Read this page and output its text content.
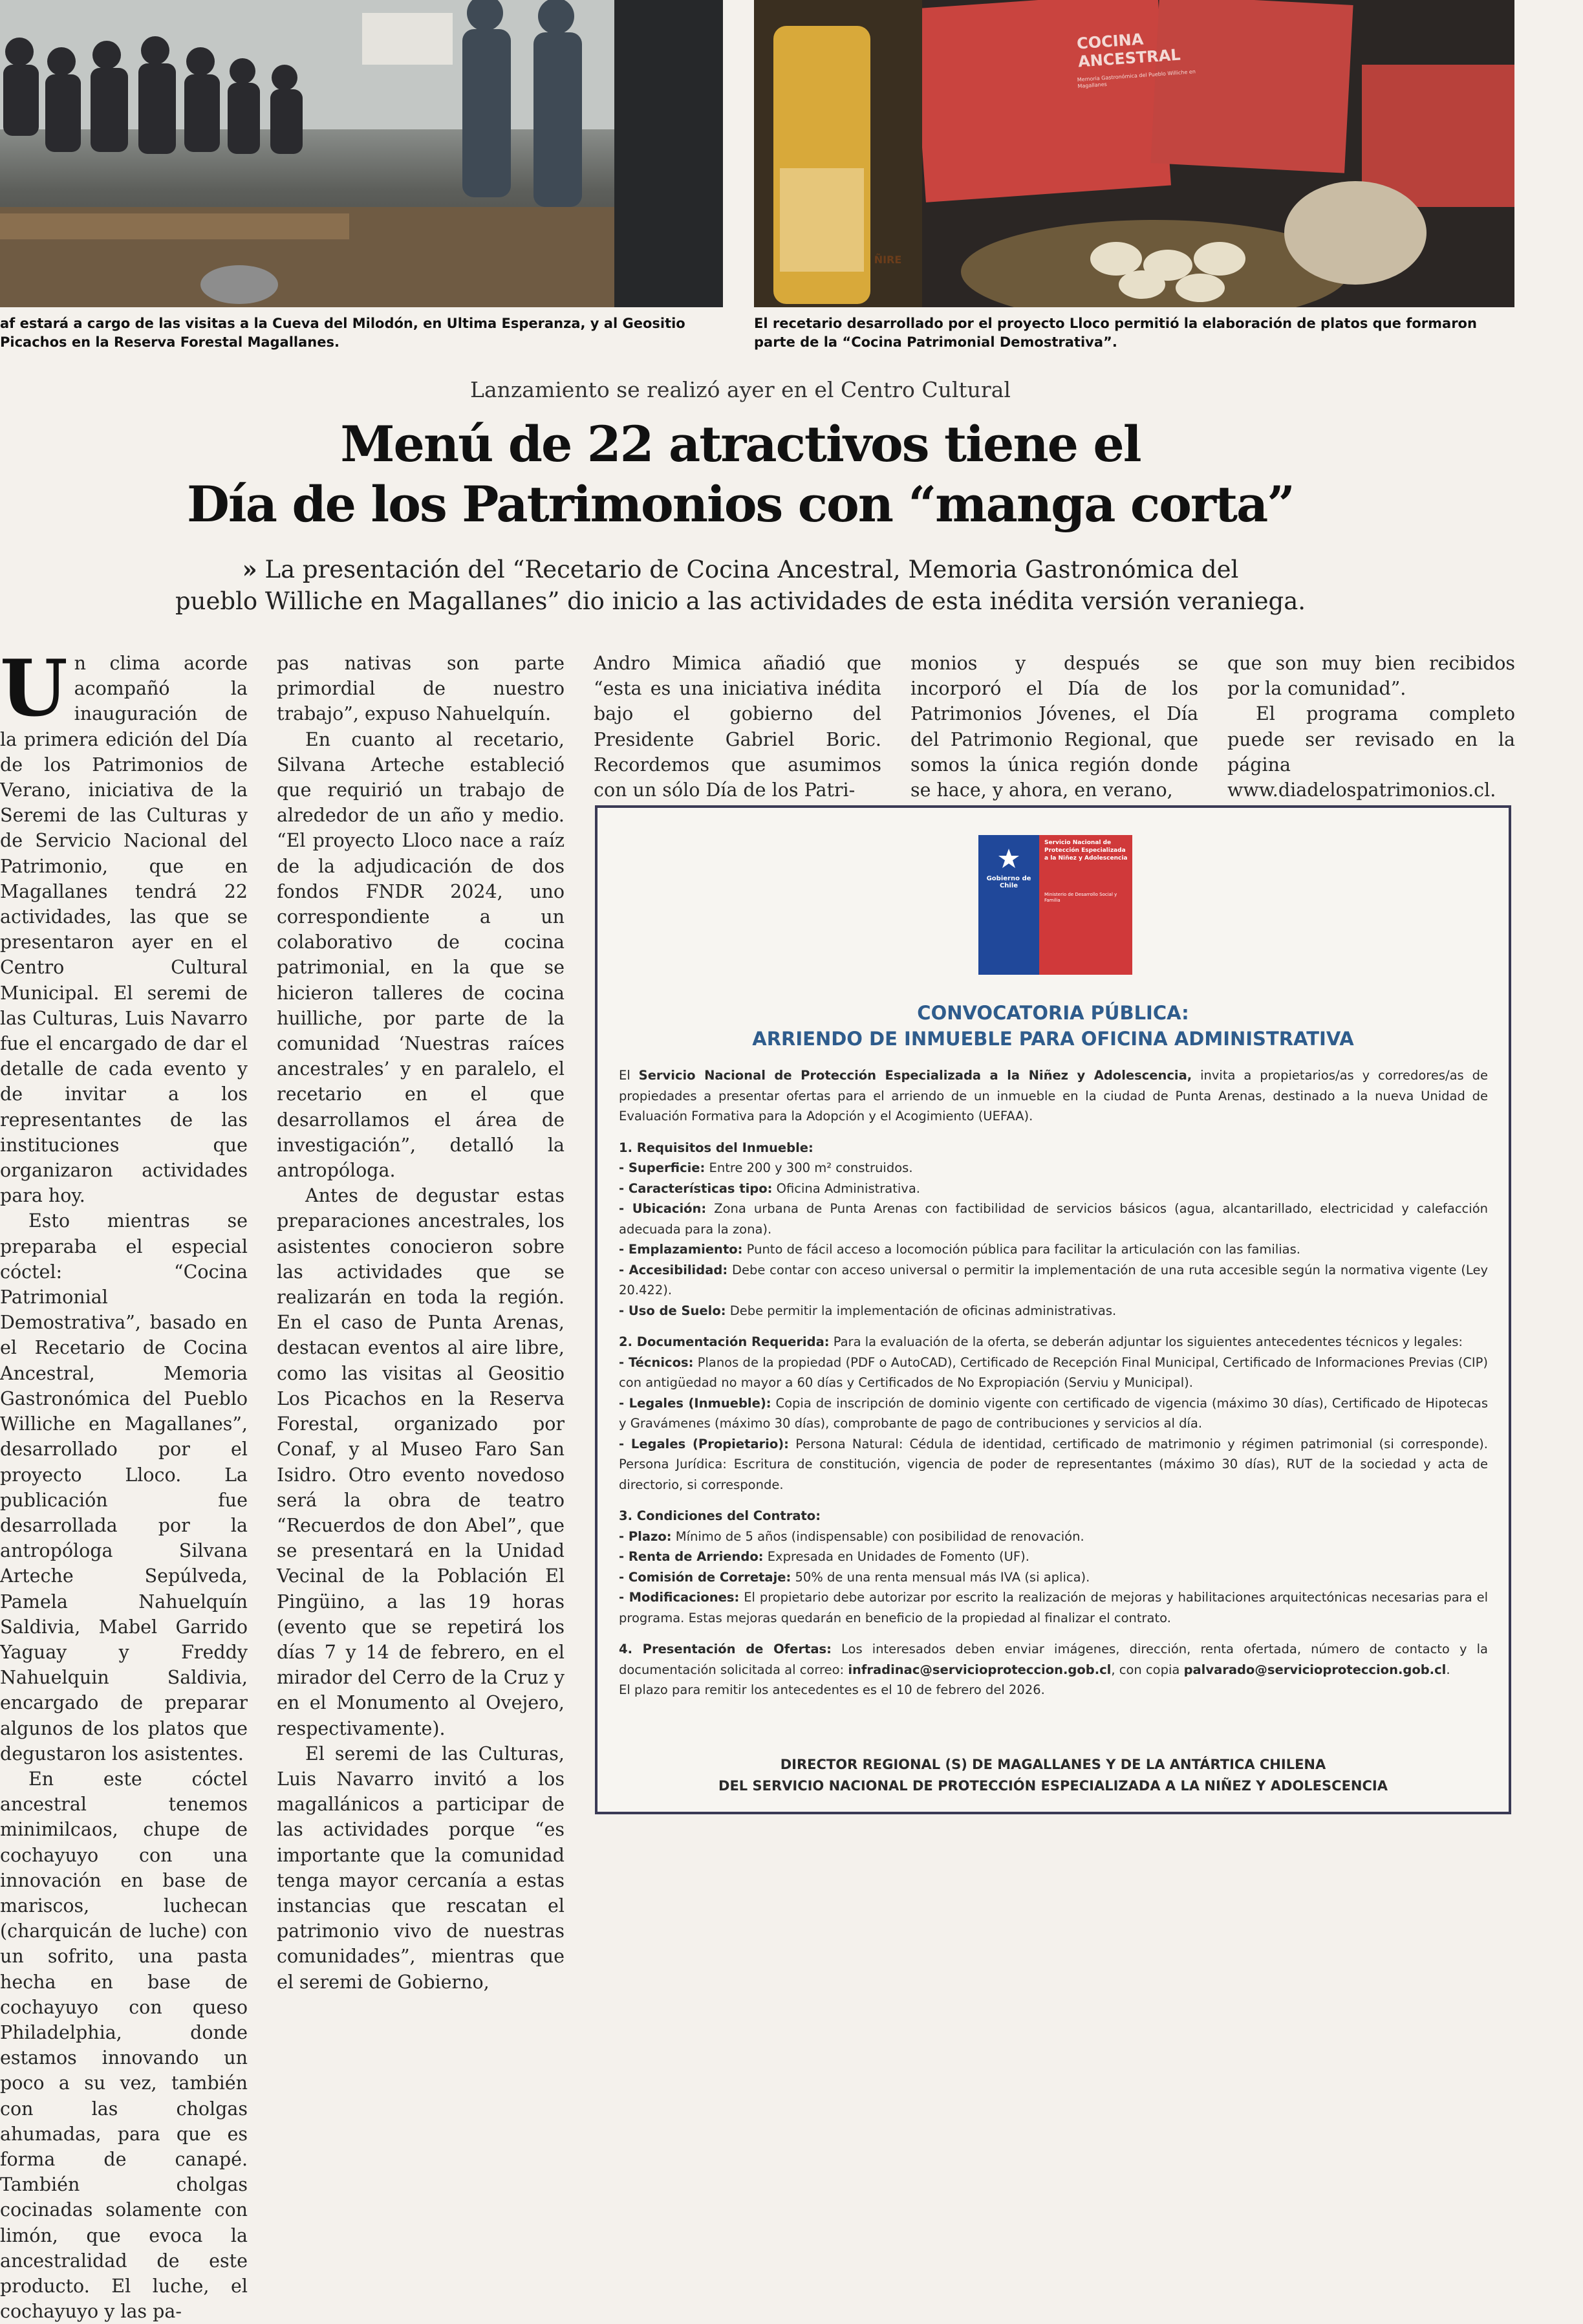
COCINA ANCESTRAL
Memoria Gastronómica del Pueblo Williche en Magallanes
ÑIRE
af estará a cargo de las visitas a la Cueva del Milodón, en Ultima Esperanza, y al Geositio Picachos en la Reserva Forestal Magallanes.
El recetario desarrollado por el proyecto Lloco permitió la elaboración de platos que formaron parte de la “Cocina Patrimonial Demostrativa”.
Lanzamiento se realizó ayer en el Centro Cultural
Menú de 22 atractivos tiene el
Día de los Patrimonios con “manga corta”
» La presentación del “Recetario de Cocina Ancestral, Memoria Gastronómica del
pueblo Williche en Magallanes” dio inicio a las actividades de esta inédita versión veraniega.

Un clima acorde acompañó la inauguración de la primera edición del Día de los Patrimonios de Verano, iniciativa de la Seremi de las Culturas y de Servicio Nacional del Patrimonio, que en Magallanes tendrá 22 actividades, las que se presentaron ayer en el Centro Cultural Municipal. El seremi de las Culturas, Luis Navarro fue el encargado de dar el detalle de cada evento y de invitar a los representantes de las instituciones que organizaron actividades para hoy.

Esto mientras se preparaba el especial cóctel: “Cocina Patrimonial Demostrativa”, basado en el Recetario de Cocina Ancestral, Memoria Gastronómica del Pueblo Williche en Magallanes”, desarrollado por el proyecto Lloco. La publicación fue desarrollada por la antropóloga Silvana Arteche Sepúlveda, Pamela Nahuelquín Saldivia, Mabel Garrido Yaguay y Freddy Nahuelquin Saldivia, encargado de preparar algunos de los platos que degustaron los asistentes.

En este cóctel ancestral tenemos minimilcaos, chupe de cochayuyo con una innovación en base de mariscos, luchecan (charquicán de luche) con un sofrito, una pasta hecha en base de cochayuyo con queso Philadelphia, donde estamos innovando un poco a su vez, también con las cholgas ahumadas, para que es forma de canapé. También cholgas cocinadas solamente con limón, que evoca la ancestralidad de este producto. El luche, el cochayuyo y las pa-

pas nativas son parte primordial de nuestro trabajo”, expuso Nahuelquín.

En cuanto al recetario, Silvana Arteche estableció que requirió un trabajo de alrededor de un año y medio. “El proyecto Lloco nace a raíz de la adjudicación de dos fondos FNDR 2024, uno correspondiente a un colaborativo de cocina patrimonial, en la que se hicieron talleres de cocina huilliche, por parte de la comunidad ‘Nuestras raíces ancestrales’ y en paralelo, el recetario en el que desarrollamos el área de investigación”, detalló la antropóloga.

Antes de degustar estas preparaciones ancestrales, los asistentes conocieron sobre las actividades que se realizarán en toda la región. En el caso de Punta Arenas, destacan eventos al aire libre, como las visitas al Geositio Los Picachos en la Reserva Forestal, organizado por Conaf, y al Museo Faro San Isidro. Otro evento novedoso será la obra de teatro “Recuerdos de don Abel”, que se presentará en la Unidad Vecinal de la Población El Pingüino, a las 19 horas (evento que se repetirá los días 7 y 14 de febrero, en el mirador del Cerro de la Cruz y en el Monumento al Ovejero, respectivamente).

El seremi de las Culturas, Luis Navarro invitó a los magallánicos a participar de las actividades porque “es importante que la comunidad tenga mayor cercanía a estas instancias que rescatan el patrimonio vivo de nuestras comunidades”, mientras que el seremi de Gobierno,

Andro Mimica añadió que “esta es una iniciativa inédita bajo el gobierno del Presidente Gabriel Boric. Recordemos que asumimos con un sólo Día de los Patri-

monios y después se incorporó el Día de los Patrimonios Jóvenes, el Día del Patrimonio Regional, que somos la única región donde se hace, y ahora, en verano,

que son muy bien recibidos por la comunidad”.

El programa completo puede ser revisado en la página www.diadelospatrimonios.cl.

Gobierno de Chile
Servicio Nacional de Protección Especializada a la Niñez y Adolescencia
Ministerio de Desarrollo Social y Familia
CONVOCATORIA PÚBLICA:
ARRIENDO DE INMUEBLE PARA OFICINA ADMINISTRATIVA

El Servicio Nacional de Protección Especializada a la Niñez y Adolescencia, invita a propietarios/as y corredores/as de propiedades a presentar ofertas para el arriendo de un inmueble en la ciudad de Punta Arenas, destinado a la nueva Unidad de Evaluación Formativa para la Adopción y el Acogimiento (UEFAA).

1. Requisitos del Inmueble:

- Superficie: Entre 200 y 300 m² construidos.

- Características tipo: Oficina Administrativa.

- Ubicación: Zona urbana de Punta Arenas con factibilidad de servicios básicos (agua, alcantarillado, electricidad y calefacción adecuada para la zona).

- Emplazamiento: Punto de fácil acceso a locomoción pública para facilitar la articulación con las familias.

- Accesibilidad: Debe contar con acceso universal o permitir la implementación de una ruta accesible según la normativa vigente (Ley 20.422).

- Uso de Suelo: Debe permitir la implementación de oficinas administrativas.

2. Documentación Requerida: Para la evaluación de la oferta, se deberán adjuntar los siguientes antecedentes técnicos y legales:

- Técnicos: Planos de la propiedad (PDF o AutoCAD), Certificado de Recepción Final Municipal, Certificado de Informaciones Previas (CIP) con antigüedad no mayor a 60 días y Certificados de No Expropiación (Serviu y Municipal).

- Legales (Inmueble): Copia de inscripción de dominio vigente con certificado de vigencia (máximo 30 días), Certificado de Hipotecas y Gravámenes (máximo 30 días), comprobante de pago de contribuciones y servicios al día.

- Legales (Propietario): Persona Natural: Cédula de identidad, certificado de matrimonio y régimen patrimonial (si corresponde). Persona Jurídica: Escritura de constitución, vigencia de poder de representantes (máximo 30 días), RUT de la sociedad y acta de directorio, si corresponde.

3. Condiciones del Contrato:

- Plazo: Mínimo de 5 años (indispensable) con posibilidad de renovación.

- Renta de Arriendo: Expresada en Unidades de Fomento (UF).

- Comisión de Corretaje: 50% de una renta mensual más IVA (si aplica).

- Modificaciones: El propietario debe autorizar por escrito la realización de mejoras y habilitaciones arquitectónicas necesarias para el programa. Estas mejoras quedarán en beneficio de la propiedad al finalizar el contrato.

4. Presentación de Ofertas: Los interesados deben enviar imágenes, dirección, renta ofertada, número de contacto y la documentación solicitada al correo: infradinac@servicioproteccion.gob.cl, con copia palvarado@servicioproteccion.gob.cl.

El plazo para remitir los antecedentes es el 10 de febrero del 2026.

DIRECTOR REGIONAL (S) DE MAGALLANES Y DE LA ANTÁRTICA CHILENA
DEL SERVICIO NACIONAL DE PROTECCIÓN ESPECIALIZADA A LA NIÑEZ Y ADOLESCENCIA
